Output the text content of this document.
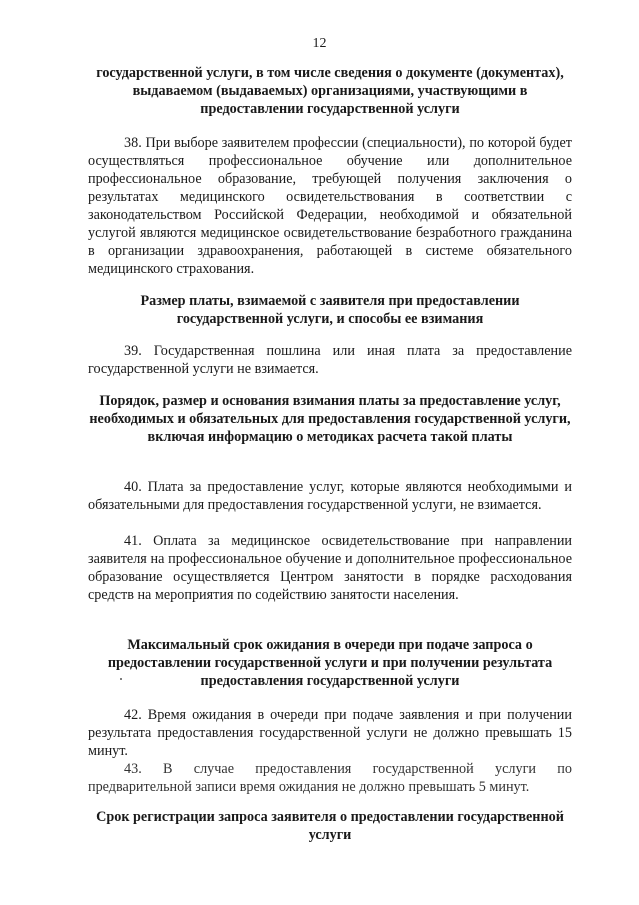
12

государственной услуги, в том числе сведения о документе (документах), выдаваемом (выдаваемых) организациями, участвующими в предоставлении государственной услуги

38. При выборе заявителем профессии (специальности), по которой будет осуществляться профессиональное обучение или дополнительное профессиональное образование, требующей получения заключения о результатах медицинского освидетельствования в соответствии с законодательством Российской Федерации, необходимой и обязательной услугой являются медицинское освидетельствование безработного гражданина в организации здравоохранения, работающей в системе обязательного медицинского страхования.

Размер платы, взимаемой с заявителя при предоставлении государственной услуги, и способы ее взимания

39. Государственная пошлина или иная плата за предоставление государственной услуги не взимается.

Порядок, размер и основания взимания платы за предоставление услуг, необходимых и обязательных для предоставления государственной услуги, включая информацию о методиках расчета такой платы

40. Плата за предоставление услуг, которые являются необходимыми и обязательными для предоставления государственной услуги, не взимается.

41. Оплата за медицинское освидетельствование при направлении заявителя на профессиональное обучение и дополнительное профессиональное образование осуществляется Центром занятости в порядке расходования средств на мероприятия по содействию занятости населения.

Максимальный срок ожидания в очереди при подаче запроса о предоставлении государственной услуги и при получении результата предоставления государственной услуги

42. Время ожидания в очереди при подаче заявления и при получении результата предоставления государственной услуги не должно превышать 15 минут.

43. В случае предоставления государственной услуги по предварительной записи время ожидания не должно превышать 5 минут.

Срок регистрации запроса заявителя о предоставлении государственной услуги
